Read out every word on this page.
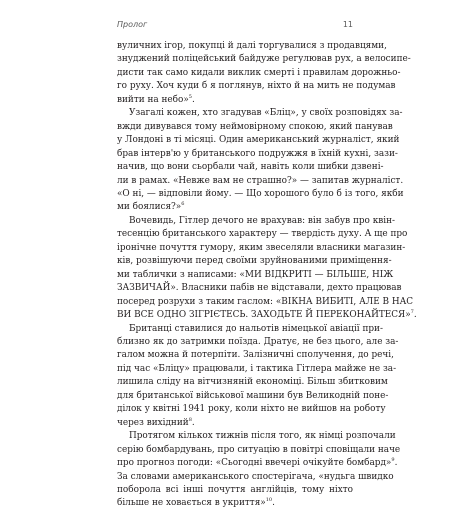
Пролог	11
вуличних ігор, покупці й далі торгувалися з продавцями,
знуджений поліцейський байдуже регулював рух, а велосипе-
дисти так само кидали виклик смерті і правилам дорожньо-
го руху. Хоч куди б я поглянув, ніхто й на мить не подумав
вийти на небо»$^5$.
Узагалі кожен, хто згадував «Бліц», у своїх розповідях за-
вжди дивувався тому неймовірному спокою, який панував
у Лондоні в ті місяці. Один американський журналіст, який
брав інтерв'ю у британського подружжя в їхній кухні, зази-
начив, що вони сьорбали чай, навіть коли шибки дзвені-
ли в рамах. «Невже вам не страшно?» — запитав журналіст.
«О ні, — відповіли йому. — Що хорошого було б із того, якби
ми боялися?»$^6$
Вочевидь, Гітлер дечого не врахував: він забув про квін-
тесенцію британського характеру — твердість духу. А ще про
іронічне почуття гумору, яким звеселяли власники магазин-
ків, розвішуючи перед своїми зруйнованими приміщення-
ми таблички з написами: «МИ ВІДКРИТІ — БІЛЬШЕ, НІЖ
ЗАЗВИЧАЙ». Власники пабів не відставали, дехто працював
посеред розрухи з таким гаслом: «ВІКНА ВИБИТІ, АЛЕ В НАС
ВИ ВСЕ ОДНО ЗІГРІЄТЕСЬ. ЗАХОДЬТЕ Й ПЕРЕКОНАЙТЕСЯ»$^7$.
Британці ставилися до нальотів німецької авіації при-
близно як до затримки поїзда. Дратує, не без цього, але за-
галом можна й потерпіти. Залізничні сполучення, до речі,
під час «Бліцу» працювали, і тактика Гітлера майже не за-
лишила сліду на вітчизняній економіці. Більш збитковим
для британської військової машини був Великодній поне-
ділок у квітні 1941 року, коли ніхто не вийшов на роботу
через вихідний$^8$.
Протягом кількох тижнів після того, як німці розпочали
серію бомбардувань, про ситуацію в повітрі сповіщали наче
про прогноз погоди: «Сьогодні ввечері очікуйте бомбард»$^9$.
За словами американського спостерігача, «нудьга швидко
поборола всі інші почуття англійців, тому ніхто
більше не ховається в укриття»$^{10}$.
